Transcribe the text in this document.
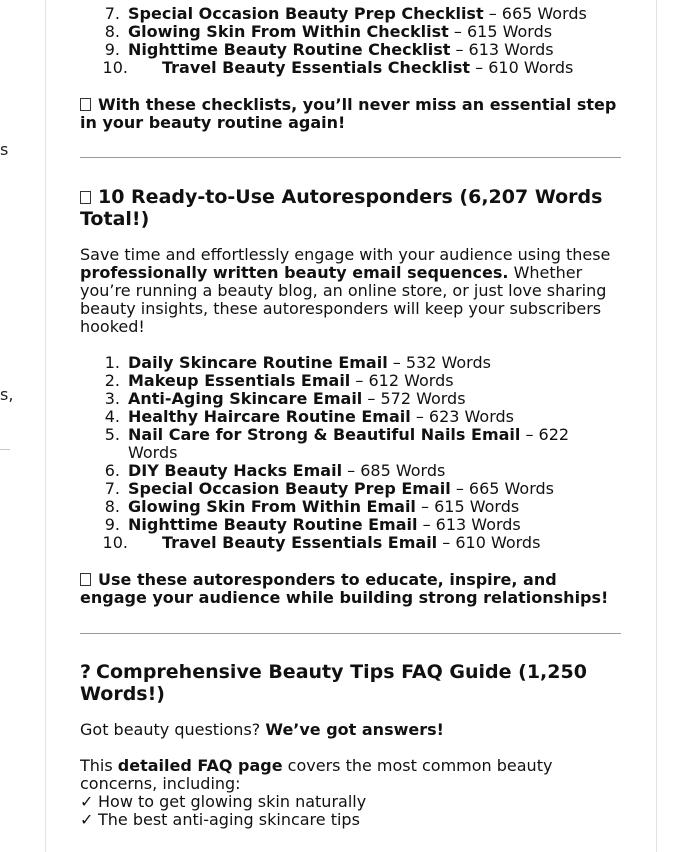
s
s,
7. Special Occasion Beauty Prep Checklist – 665 Words
8. Glowing Skin From Within Checklist – 615 Words
9. Nighttime Beauty Routine Checklist – 613 Words
10. Travel Beauty Essentials Checklist – 610 Words

With these checklists, you’ll never miss an essential step in your beauty routine again!

10 Ready-to-Use Autoresponders (6,207 Words Total!)

Save time and effortlessly engage with your audience using these professionally written beauty email sequences. Whether you’re running a beauty blog, an online store, or just love sharing beauty insights, these autoresponders will keep your subscribers hooked!

1. Daily Skincare Routine Email – 532 Words
2. Makeup Essentials Email – 612 Words
3. Anti-Aging Skincare Email – 572 Words
4. Healthy Haircare Routine Email – 623 Words
5. Nail Care for Strong & Beautiful Nails Email – 622 Words
6. DIY Beauty Hacks Email – 685 Words
7. Special Occasion Beauty Prep Email – 665 Words
8. Glowing Skin From Within Email – 615 Words
9. Nighttime Beauty Routine Email – 613 Words
10. Travel Beauty Essentials Email – 610 Words

Use these autoresponders to educate, inspire, and engage your audience while building strong relationships!

? Comprehensive Beauty Tips FAQ Guide (1,250 Words!)

Got beauty questions? We’ve got answers!

This detailed FAQ page covers the most common beauty concerns, including:

✓ How to get glowing skin naturally
✓ The best anti-aging skincare tips
